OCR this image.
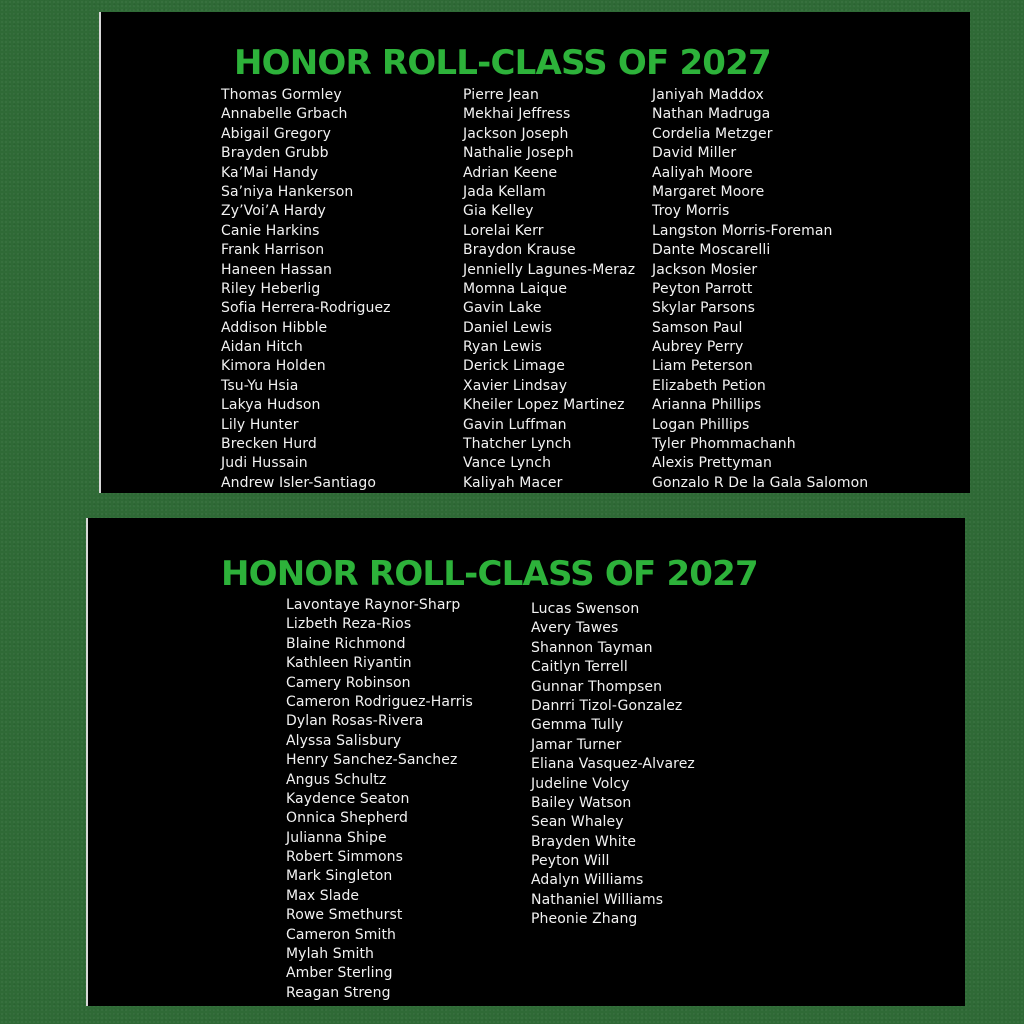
HONOR ROLL-CLASS OF 2027
Thomas Gormley
Annabelle Grbach
Abigail Gregory
Brayden Grubb
Ka’Mai Handy
Sa’niya Hankerson
Zy’Voi’A Hardy
Canie Harkins
Frank Harrison
Haneen Hassan
Riley Heberlig
Sofia Herrera-Rodriguez
Addison Hibble
Aidan Hitch
Kimora Holden
Tsu-Yu Hsia
Lakya Hudson
Lily Hunter
Brecken Hurd
Judi Hussain
Andrew Isler-Santiago
Pierre Jean
Mekhai Jeffress
Jackson Joseph
Nathalie Joseph
Adrian Keene
Jada Kellam
Gia Kelley
Lorelai Kerr
Braydon Krause
Jennielly Lagunes-Meraz
Momna Laique
Gavin Lake
Daniel Lewis
Ryan Lewis
Derick Limage
Xavier Lindsay
Kheiler Lopez Martinez
Gavin Luffman
Thatcher Lynch
Vance Lynch
Kaliyah Macer
Janiyah Maddox
Nathan Madruga
Cordelia Metzger
David Miller
Aaliyah Moore
Margaret Moore
Troy Morris
Langston Morris-Foreman
Dante Moscarelli
Jackson Mosier
Peyton Parrott
Skylar Parsons
Samson Paul
Aubrey Perry
Liam Peterson
Elizabeth Petion
Arianna Phillips
Logan Phillips
Tyler Phommachanh
Alexis Prettyman
Gonzalo R De la Gala Salomon
HONOR ROLL-CLASS OF 2027
Lavontaye Raynor-Sharp
Lizbeth Reza-Rios
Blaine Richmond
Kathleen Riyantin
Camery Robinson
Cameron Rodriguez-Harris
Dylan Rosas-Rivera
Alyssa Salisbury
Henry Sanchez-Sanchez
Angus Schultz
Kaydence Seaton
Onnica Shepherd
Julianna Shipe
Robert Simmons
Mark Singleton
Max Slade
Rowe Smethurst
Cameron Smith
Mylah Smith
Amber Sterling
Reagan Streng
Lucas Swenson
Avery Tawes
Shannon Tayman
Caitlyn Terrell
Gunnar Thompsen
Danrri Tizol-Gonzalez
Gemma Tully
Jamar Turner
Eliana Vasquez-Alvarez
Judeline Volcy
Bailey Watson
Sean Whaley
Brayden White
Peyton Will
Adalyn Williams
Nathaniel Williams
Pheonie Zhang
